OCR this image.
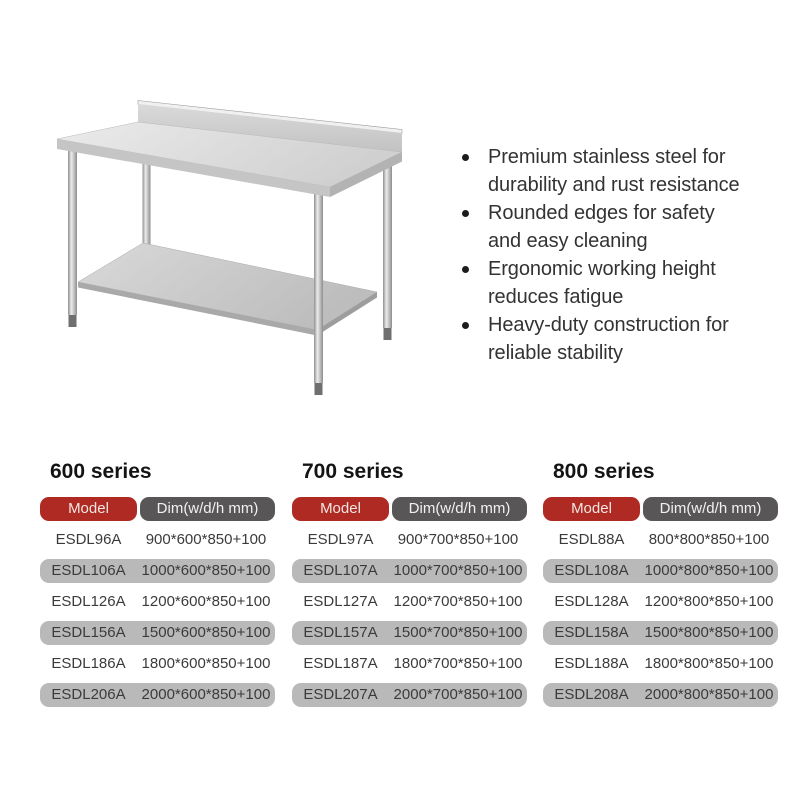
Premium stainless steel for
durability and rust resistance
Rounded edges for safety
and easy cleaning
Ergonomic working height
reduces fatigue
Heavy-duty construction for
reliable stability
600 series
Model	Dim(w/d/h mm)
ESDL96A	900*600*850+100
ESDL106A	1000*600*850+100
ESDL126A	1200*600*850+100
ESDL156A	1500*600*850+100
ESDL186A	1800*600*850+100
ESDL206A	2000*600*850+100
700 series
Model	Dim(w/d/h mm)
ESDL97A	900*700*850+100
ESDL107A	1000*700*850+100
ESDL127A	1200*700*850+100
ESDL157A	1500*700*850+100
ESDL187A	1800*700*850+100
ESDL207A	2000*700*850+100
800 series
Model	Dim(w/d/h mm)
ESDL88A	800*800*850+100
ESDL108A	1000*800*850+100
ESDL128A	1200*800*850+100
ESDL158A	1500*800*850+100
ESDL188A	1800*800*850+100
ESDL208A	2000*800*850+100
